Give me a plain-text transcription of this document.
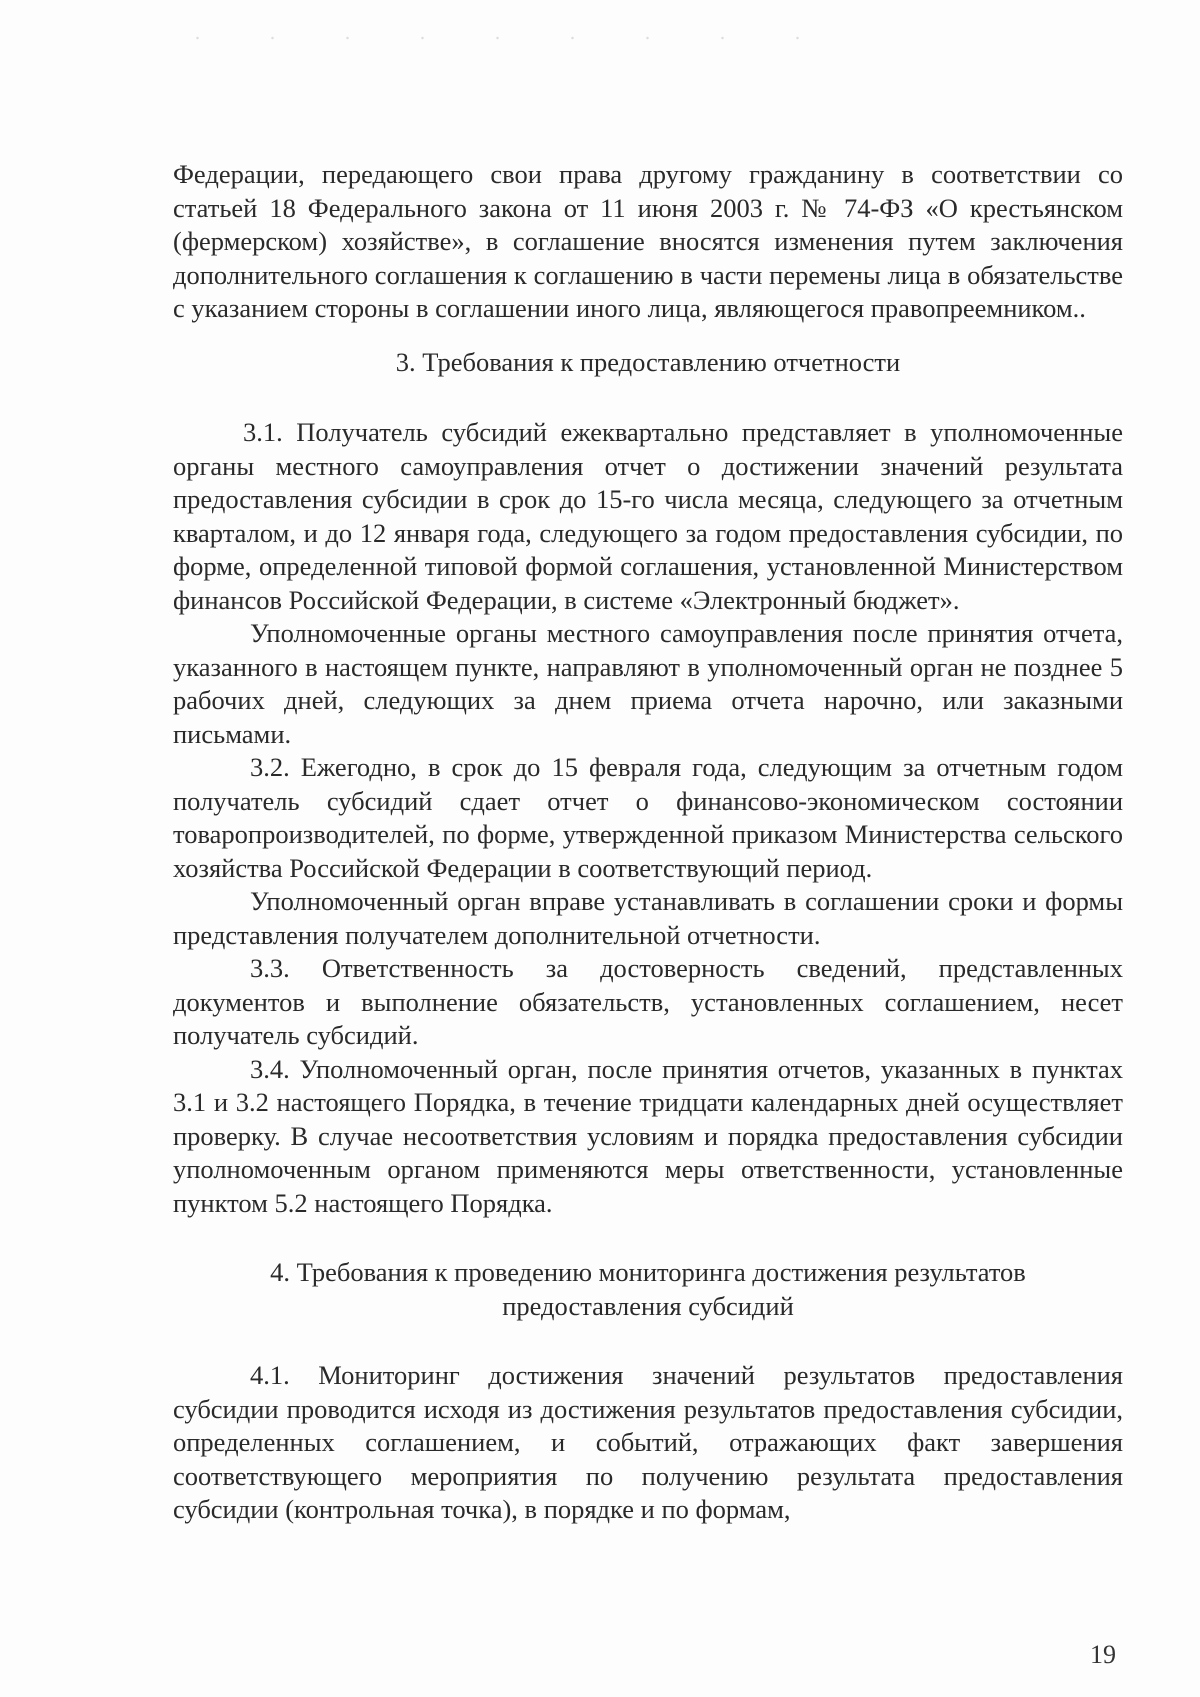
Федерации, передающего свои права другому гражданину в соответствии со статьей 18 Федерального закона от 11 июня 2003 г. № 74-ФЗ «О крестьянском (фермерском) хозяйстве», в соглашение вносятся изменения путем заключения дополнительного соглашения к соглашению в части перемены лица в обязательстве с указанием стороны в соглашении иного лица, являющегося правопреемником..

3. Требования к предоставлению отчетности

3.1. Получатель субсидий ежеквартально представляет в уполномоченные органы местного самоуправления отчет о достижении значений результата предоставления субсидии в срок до 15-го числа месяца, следующего за отчетным кварталом, и до 12 января года, следующего за годом предоставления субсидии, по форме, определенной типовой формой соглашения, установленной Министерством финансов Российской Федерации, в системе «Электронный бюджет».

Уполномоченные органы местного самоуправления после принятия отчета, указанного в настоящем пункте, направляют в уполномоченный орган не позднее 5 рабочих дней, следующих за днем приема отчета нарочно, или заказными письмами.

3.2. Ежегодно, в срок до 15 февраля года, следующим за отчетным годом получатель субсидий сдает отчет о финансово-экономическом состоянии товаропроизводителей, по форме, утвержденной приказом Министерства сельского хозяйства Российской Федерации в соответствующий период.

Уполномоченный орган вправе устанавливать в соглашении сроки и формы представления получателем дополнительной отчетности.

3.3. Ответственность за достоверность сведений, представленных документов и выполнение обязательств, установленных соглашением, несет получатель субсидий.

3.4. Уполномоченный орган, после принятия отчетов, указанных в пунктах 3.1 и 3.2 настоящего Порядка, в течение тридцати календарных дней осуществляет проверку. В случае несоответствия условиям и порядка предоставления субсидии уполномоченным органом применяются меры ответственности, установленные пунктом 5.2 настоящего Порядка.

4. Требования к проведению мониторинга достижения результатов

предоставления субсидий

4.1. Мониторинг достижения значений результатов предоставления субсидии проводится исходя из достижения результатов предоставления субсидии, определенных соглашением, и событий, отражающих факт завершения соответствующего мероприятия по получению результата предоставления субсидии (контрольная точка), в порядке и по формам,

19
